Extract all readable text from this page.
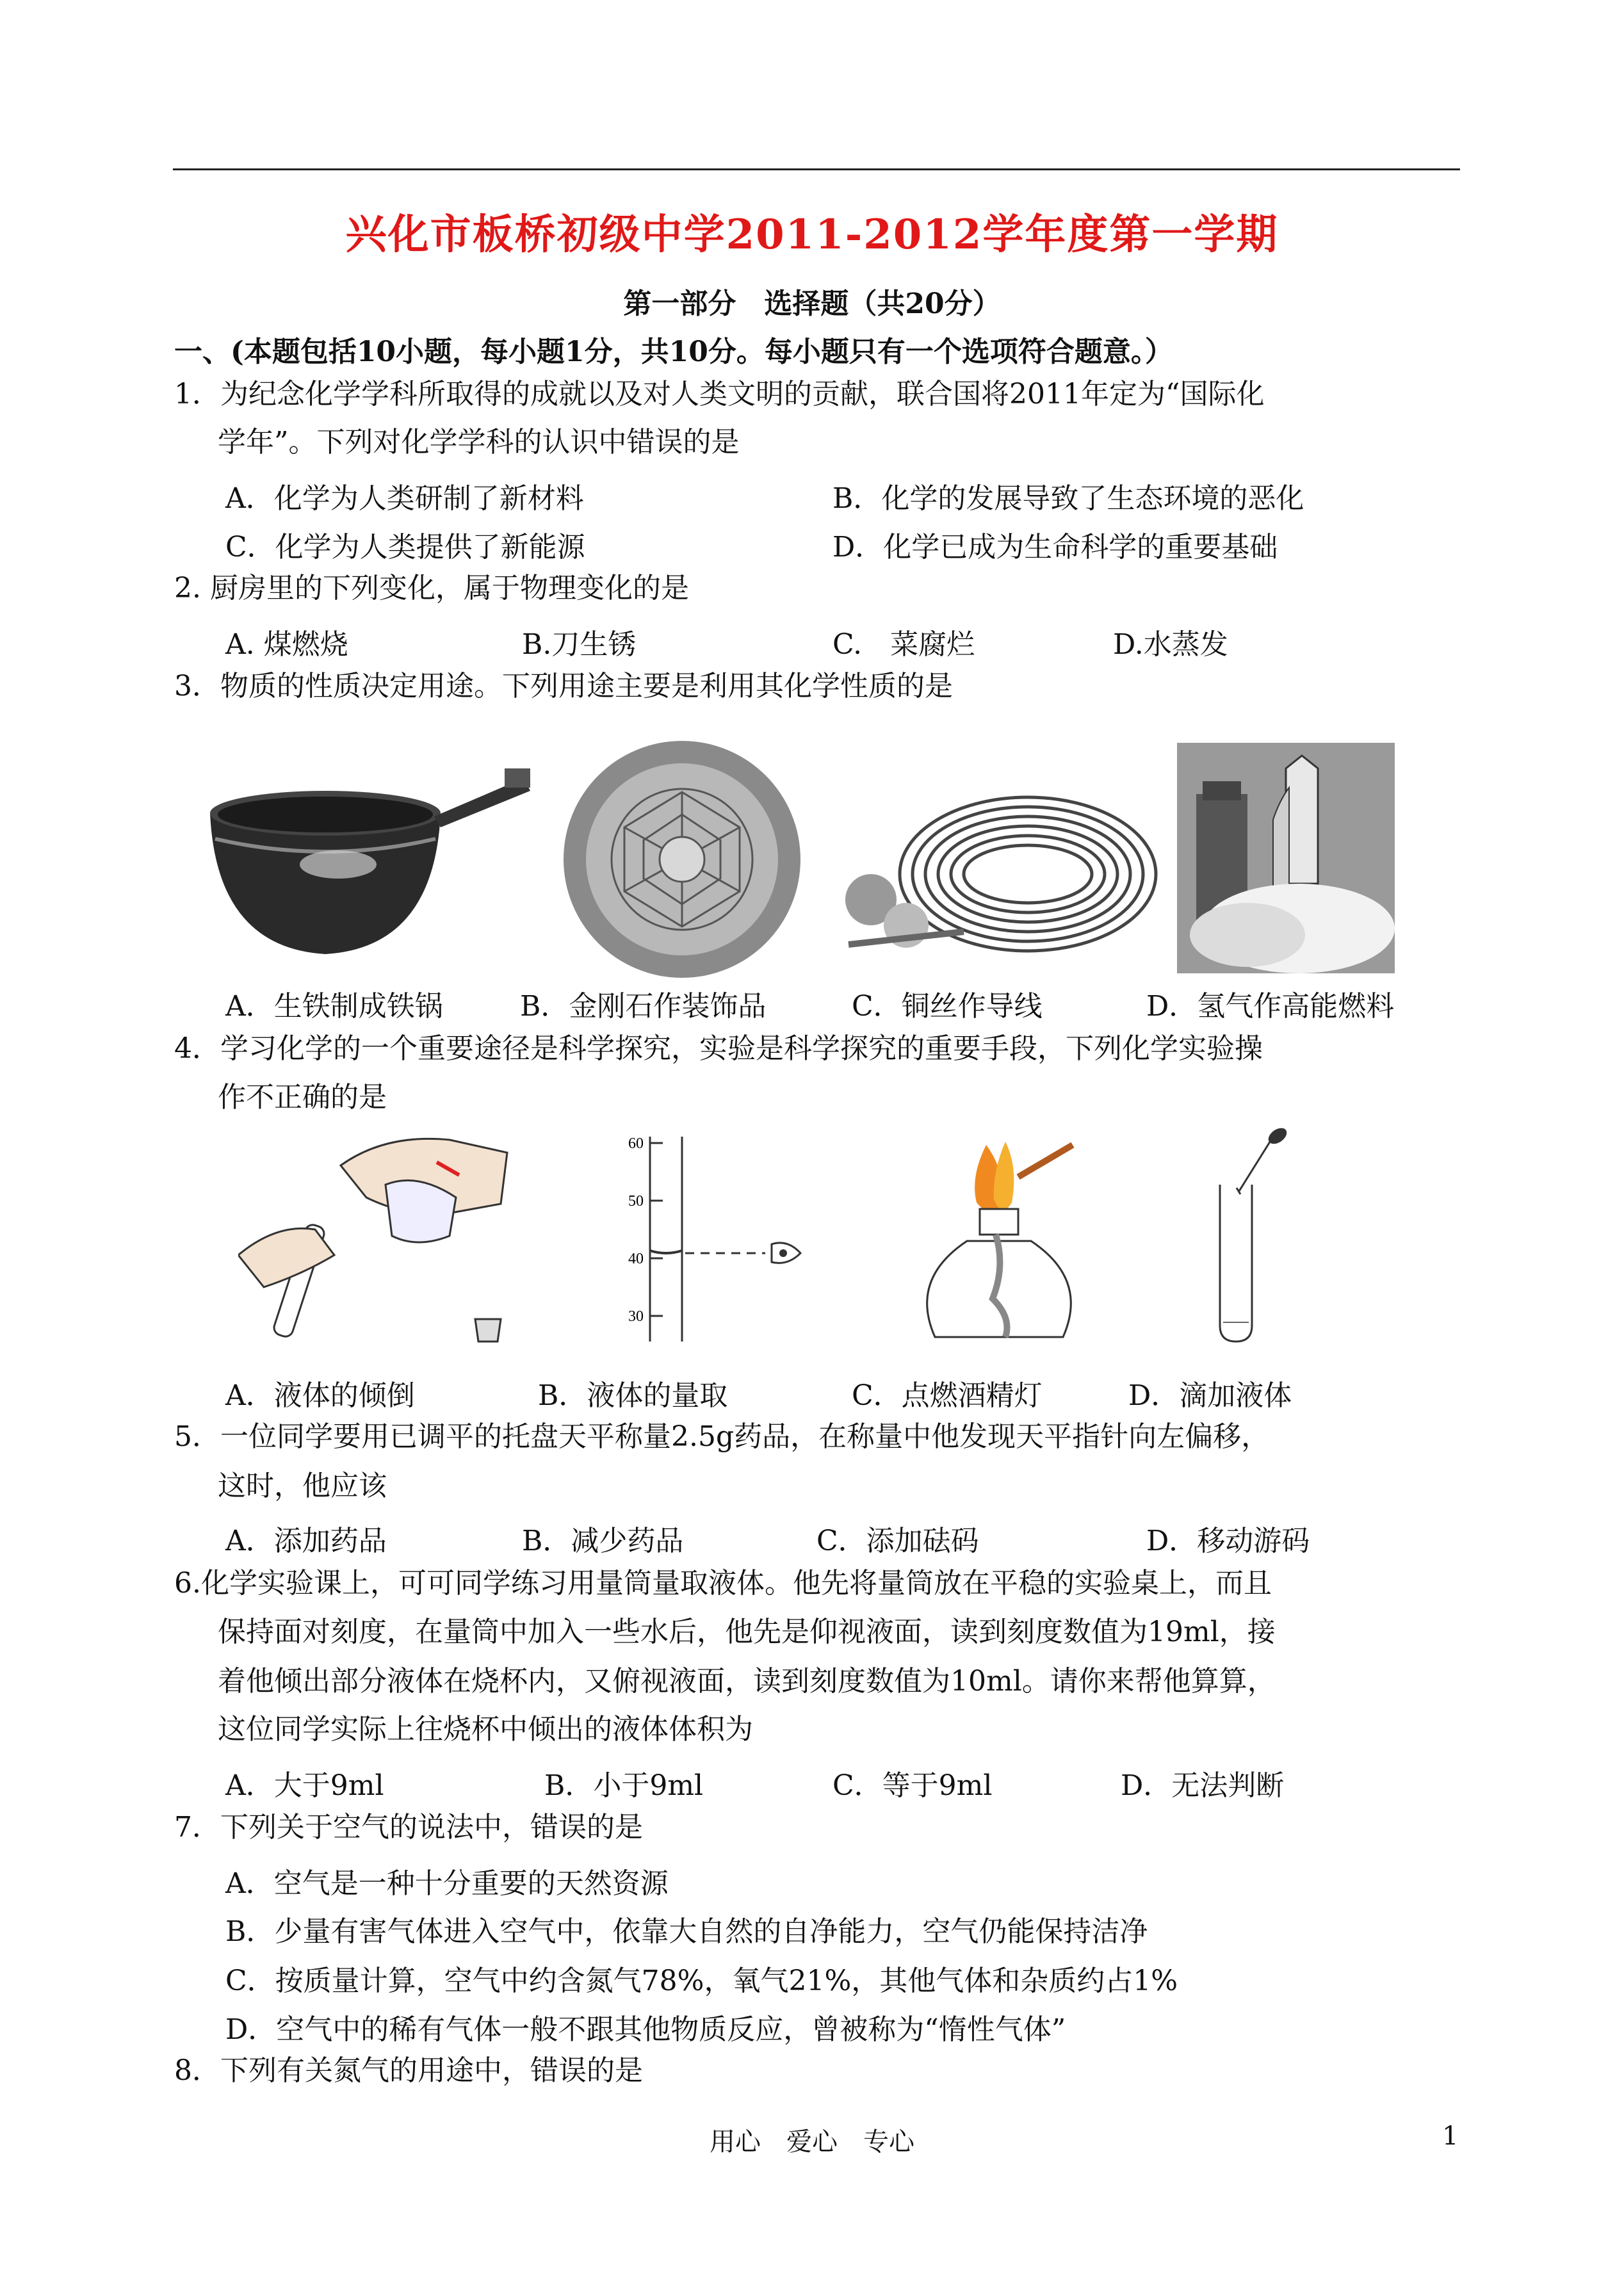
兴化市板桥初级中学2011-2012学年度第一学期
第一部分　选择题（共20分）
一、(本题包括10小题，每小题1分，共10分。每小题只有一个选项符合题意。）
1．为纪念化学学科所取得的成就以及对人类文明的贡献，联合国将2011年定为“国际化
学年”。下列对化学学科的认识中错误的是
A．化学为人类研制了新材料	B．化学的发展导致了生态环境的恶化
C．化学为人类提供了新能源	D．化学已成为生命科学的重要基础
2. 厨房里的下列变化，属于物理变化的是
A. 煤燃烧	B.刀生锈	C.　菜腐烂	D.水蒸发
3．物质的性质决定用途。下列用途主要是利用其化学性质的是
A．生铁制成铁锅	B．金刚石作装饰品	C．铜丝作导线	D．氢气作高能燃料
4．学习化学的一个重要途径是科学探究，实验是科学探究的重要手段，下列化学实验操
作不正确的是
60
50
40
30
A．液体的倾倒	B．液体的量取	C．点燃酒精灯	D．滴加液体
5．一位同学要用已调平的托盘天平称量2.5g药品，在称量中他发现天平指针向左偏移，
这时，他应该
A．添加药品	B．减少药品	C．添加砝码	D．移动游码
6.化学实验课上，可可同学练习用量筒量取液体。他先将量筒放在平稳的实验桌上，而且
保持面对刻度，在量筒中加入一些水后，他先是仰视液面，读到刻度数值为19ml，接
着他倾出部分液体在烧杯内，又俯视液面，读到刻度数值为10ml。请你来帮他算算，
这位同学实际上往烧杯中倾出的液体体积为
A．大于9ml	B．小于9ml	C．等于9ml	D．无法判断
7．下列关于空气的说法中，错误的是
A．空气是一种十分重要的天然资源
B．少量有害气体进入空气中，依靠大自然的自净能力，空气仍能保持洁净
C．按质量计算，空气中约含氮气78%，氧气21%，其他气体和杂质约占1%
D．空气中的稀有气体一般不跟其他物质反应，曾被称为“惰性气体”
8．下列有关氮气的用途中，错误的是
用心　爱心　专心	1
